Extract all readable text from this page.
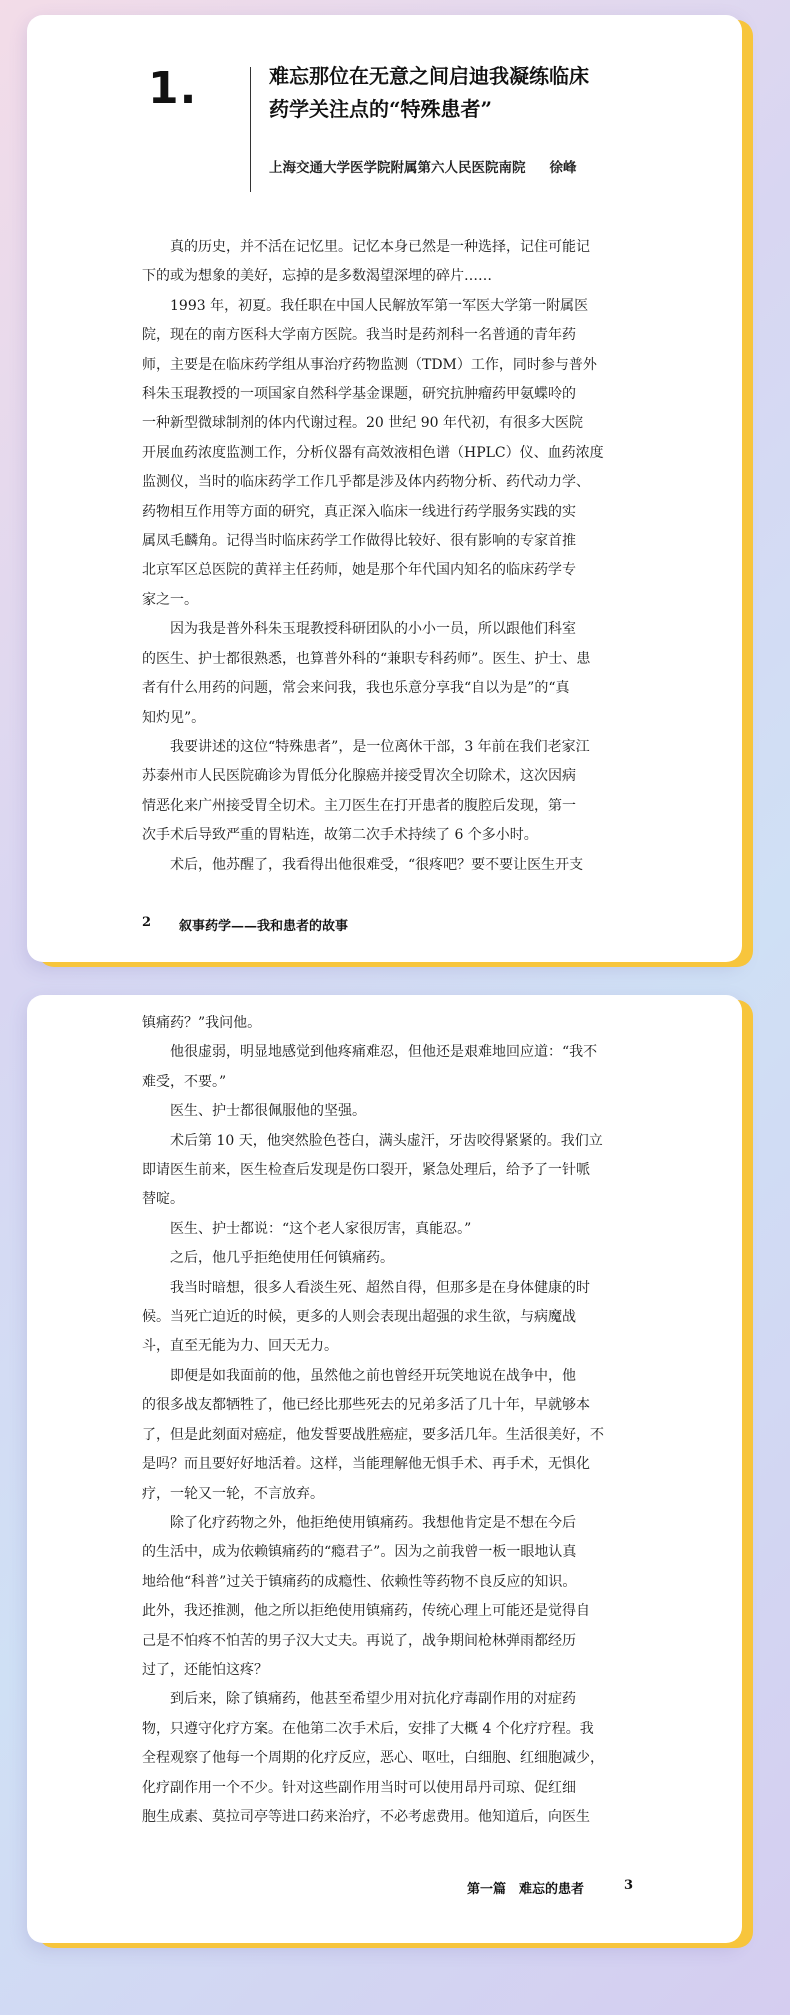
1.	难忘那位在无意之间启迪我凝练临床
药学关注点的“特殊患者”
上海交通大学医学院附属第六人民医院南院 徐峰
　　真的历史，并不活在记忆里。记忆本身已然是一种选择，记住可能记
下的或为想象的美好，忘掉的是多数渴望深埋的碎片……
　　1993 年，初夏。我任职在中国人民解放军第一军医大学第一附属医
院，现在的南方医科大学南方医院。我当时是药剂科一名普通的青年药
师，主要是在临床药学组从事治疗药物监测（TDM）工作，同时参与普外
科朱玉琨教授的一项国家自然科学基金课题，研究抗肿瘤药甲氨蝶呤的
一种新型微球制剂的体内代谢过程。20 世纪 90 年代初，有很多大医院
开展血药浓度监测工作，分析仪器有高效液相色谱（HPLC）仪、血药浓度
监测仪，当时的临床药学工作几乎都是涉及体内药物分析、药代动力学、
药物相互作用等方面的研究，真正深入临床一线进行药学服务实践的实
属凤毛麟角。记得当时临床药学工作做得比较好、很有影响的专家首推
北京军区总医院的黄祥主任药师，她是那个年代国内知名的临床药学专
家之一。
　　因为我是普外科朱玉琨教授科研团队的小小一员，所以跟他们科室
的医生、护士都很熟悉，也算普外科的“兼职专科药师”。医生、护士、患
者有什么用药的问题，常会来问我，我也乐意分享我“自以为是”的“真
知灼见”。
　　我要讲述的这位“特殊患者”，是一位离休干部，3 年前在我们老家江
苏泰州市人民医院确诊为胃低分化腺癌并接受胃次全切除术，这次因病
情恶化来广州接受胃全切术。主刀医生在打开患者的腹腔后发现，第一
次手术后导致严重的胃粘连，故第二次手术持续了 6 个多小时。
　　术后，他苏醒了，我看得出他很难受，“很疼吧？要不要让医生开支
2 叙事药学——我和患者的故事
镇痛药？”我问他。
　　他很虚弱，明显地感觉到他疼痛难忍，但他还是艰难地回应道：“我不
难受，不要。”
　　医生、护士都很佩服他的坚强。
　　术后第 10 天，他突然脸色苍白，满头虚汗，牙齿咬得紧紧的。我们立
即请医生前来，医生检查后发现是伤口裂开，紧急处理后，给予了一针哌
替啶。
　　医生、护士都说：“这个老人家很厉害，真能忍。”
　　之后，他几乎拒绝使用任何镇痛药。
　　我当时暗想，很多人看淡生死、超然自得，但那多是在身体健康的时
候。当死亡迫近的时候，更多的人则会表现出超强的求生欲，与病魔战
斗，直至无能为力、回天无力。
　　即便是如我面前的他，虽然他之前也曾经开玩笑地说在战争中，他
的很多战友都牺牲了，他已经比那些死去的兄弟多活了几十年，早就够本
了，但是此刻面对癌症，他发誓要战胜癌症，要多活几年。生活很美好，不
是吗？而且要好好地活着。这样，当能理解他无惧手术、再手术，无惧化
疗，一轮又一轮，不言放弃。
　　除了化疗药物之外，他拒绝使用镇痛药。我想他肯定是不想在今后
的生活中，成为依赖镇痛药的“瘾君子”。因为之前我曾一板一眼地认真
地给他“科普”过关于镇痛药的成瘾性、依赖性等药物不良反应的知识。
此外，我还推测，他之所以拒绝使用镇痛药，传统心理上可能还是觉得自
己是不怕疼不怕苦的男子汉大丈夫。再说了，战争期间枪林弹雨都经历
过了，还能怕这疼？
　　到后来，除了镇痛药，他甚至希望少用对抗化疗毒副作用的对症药
物，只遵守化疗方案。在他第二次手术后，安排了大概 4 个化疗疗程。我
全程观察了他每一个周期的化疗反应，恶心、呕吐，白细胞、红细胞减少，
化疗副作用一个不少。针对这些副作用当时可以使用昂丹司琼、促红细
胞生成素、莫拉司亭等进口药来治疗，不必考虑费用。他知道后，向医生
第一篇　难忘的患者	3
